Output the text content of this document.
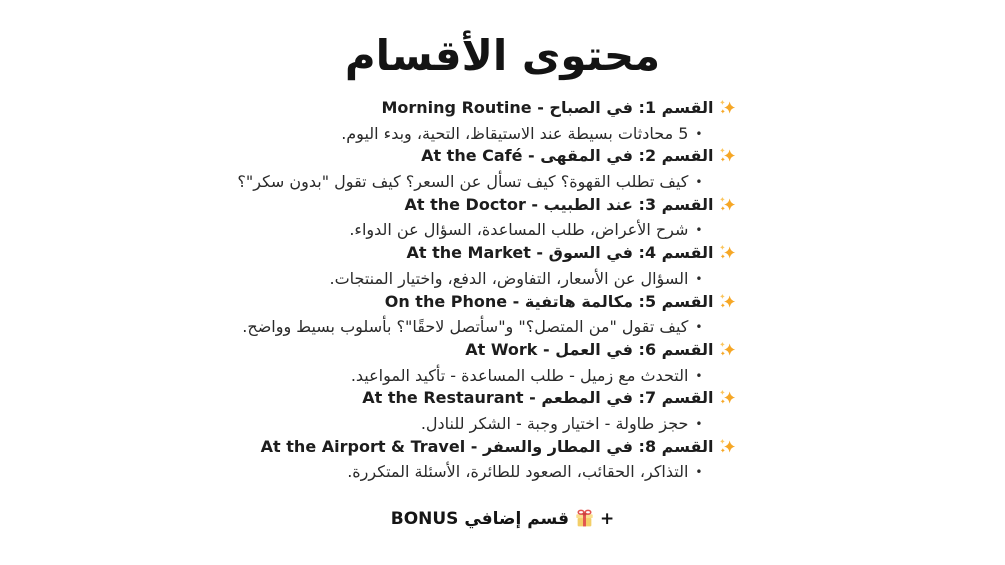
محتوى الأقسام
القسم 1: في الصباح - Morning Routine
•5 محادثات بسيطة عند الاستيقاظ، التحية، وبدء اليوم.
القسم 2: في المقهى - At the Café
•كيف تطلب القهوة؟ كيف تسأل عن السعر؟ كيف تقول "بدون سكر"؟
القسم 3: عند الطبيب - At the Doctor
•شرح الأعراض، طلب المساعدة، السؤال عن الدواء.
القسم 4: في السوق - At the Market
•السؤال عن الأسعار، التفاوض، الدفع، واختيار المنتجات.
القسم 5: مكالمة هاتفية - On the Phone
•كيف تقول "من المتصل؟" و"سأتصل لاحقًا"؟ بأسلوب بسيط وواضح.
القسم 6: في العمل - At Work
•التحدث مع زميل - طلب المساعدة - تأكيد المواعيد.
القسم 7: في المطعم - At the Restaurant
•حجز طاولة - اختيار وجبة - الشكر للنادل.
القسم 8: في المطار والسفر - At the Airport & Travel
•التذاكر، الحقائب، الصعود للطائرة، الأسئلة المتكررة.
+قسم إضافي BONUS
